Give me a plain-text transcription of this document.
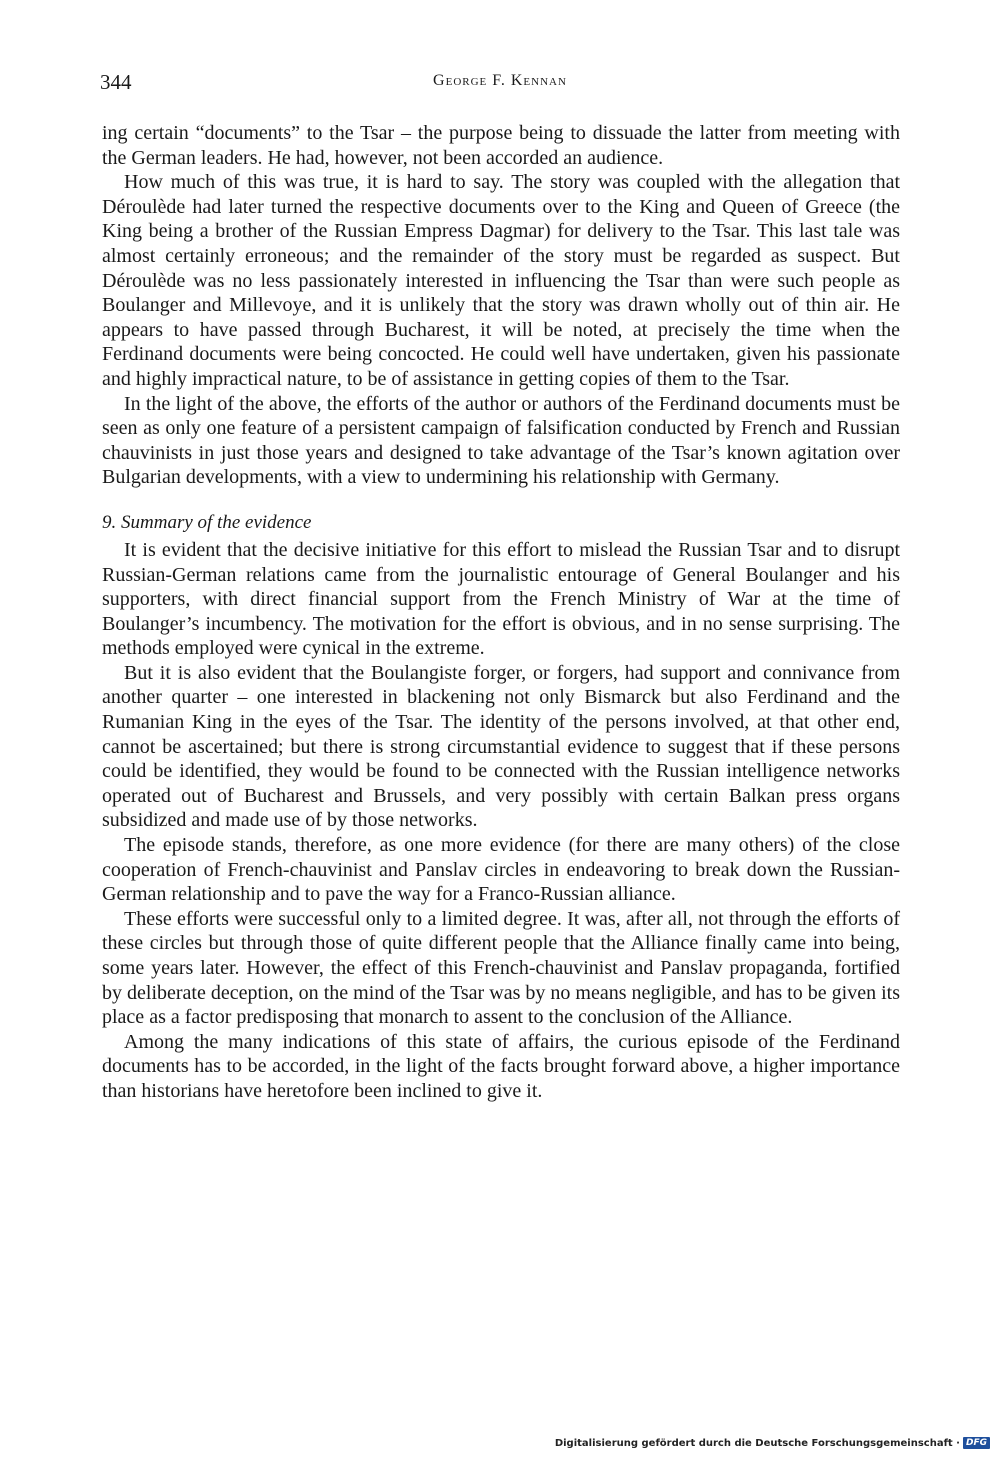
344	George F. Kennan

ing certain “documents” to the Tsar – the purpose being to dissuade the latter from meeting with the German leaders. He had, however, not been accorded an audience.

How much of this was true, it is hard to say. The story was coupled with the allegation that Déroulède had later turned the respective documents over to the King and Queen of Greece (the King being a brother of the Russian Empress Dagmar) for delivery to the Tsar. This last tale was almost certainly erroneous; and the remainder of the story must be regarded as suspect. But Déroulède was no less passionately interested in influencing the Tsar than were such people as Boulanger and Millevoye, and it is unlikely that the story was drawn wholly out of thin air. He appears to have passed through Bucharest, it will be noted, at precisely the time when the Ferdinand documents were being concocted. He could well have undertaken, given his passionate and highly impractical nature, to be of assistance in getting copies of them to the Tsar.

In the light of the above, the efforts of the author or authors of the Ferdinand documents must be seen as only one feature of a persistent campaign of falsification conducted by French and Russian chauvinists in just those years and designed to take advantage of the Tsar’s known agitation over Bulgarian developments, with a view to undermining his relationship with Germany.

9. Summary of the evidence

It is evident that the decisive initiative for this effort to mislead the Russian Tsar and to disrupt Russian-German relations came from the journalistic entourage of General Boulanger and his supporters, with direct financial support from the French Ministry of War at the time of Boulanger’s incumbency. The motivation for the effort is obvious, and in no sense surprising. The methods employed were cynical in the extreme.

But it is also evident that the Boulangiste forger, or forgers, had support and connivance from another quarter – one interested in blackening not only Bismarck but also Ferdinand and the Rumanian King in the eyes of the Tsar. The identity of the persons involved, at that other end, cannot be ascertained; but there is strong circumstantial evidence to suggest that if these persons could be identified, they would be found to be connected with the Russian intelligence networks operated out of Bucharest and Brussels, and very possibly with certain Balkan press organs subsidized and made use of by those networks.

The episode stands, therefore, as one more evidence (for there are many others) of the close cooperation of French-chauvinist and Panslav circles in endeavoring to break down the Russian-German relationship and to pave the way for a Franco-Russian alliance.

These efforts were successful only to a limited degree. It was, after all, not through the efforts of these circles but through those of quite different people that the Alliance finally came into being, some years later. However, the effect of this French-chauvinist and Panslav propaganda, fortified by deliberate deception, on the mind of the Tsar was by no means negligible, and has to be given its place as a factor predisposing that monarch to assent to the conclusion of the Alliance.

Among the many indications of this state of affairs, the curious episode of the Ferdinand documents has to be accorded, in the light of the facts brought forward above, a higher importance than historians have heretofore been inclined to give it.

Digitalisierung gefördert durch die Deutsche Forschungsgemeinschaft · DFG
